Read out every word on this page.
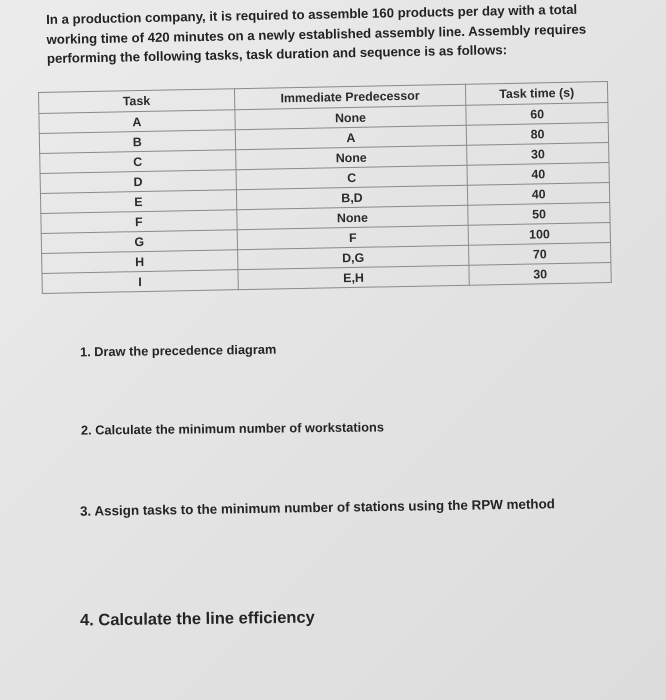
In a production company, it is required to assemble 160 products per day with a total working time of 420 minutes on a newly established assembly line. Assembly requires performing the following tasks, task duration and sequence is as follows:
Task	Immediate Predecessor	Task time (s)
A	None	60
B	A	80
C	None	30
D	C	40
E	B,D	40
F	None	50
G	F	100
H	D,G	70
I	E,H	30
1. Draw the precedence diagram
2. Calculate the minimum number of workstations
3. Assign tasks to the minimum number of stations using the RPW method
4. Calculate the line efficiency
